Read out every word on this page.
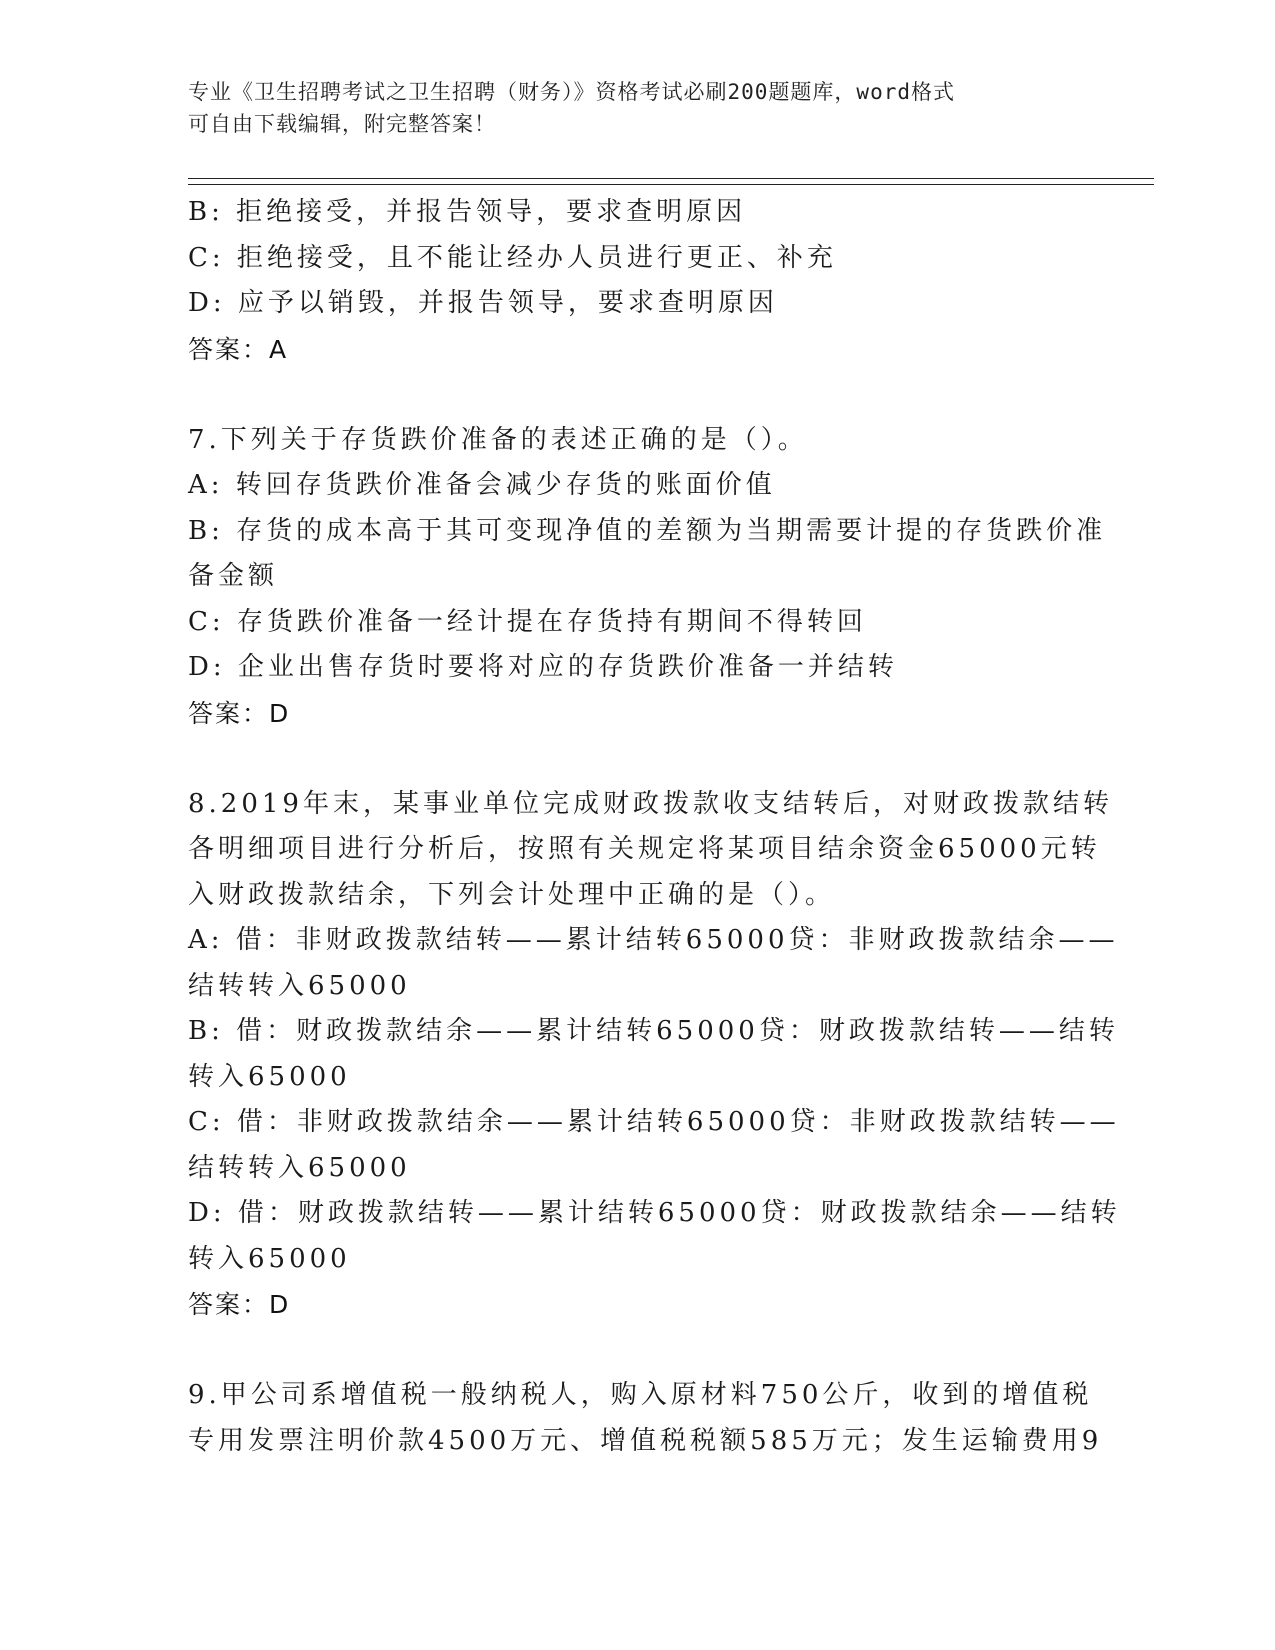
专业《卫生招聘考试之卫生招聘（财务）》资格考试必刷200题题库，word格式
可自由下载编辑，附完整答案！
B: 拒绝接受，并报告领导，要求查明原因
C: 拒绝接受，且不能让经办人员进行更正、补充
D: 应予以销毁，并报告领导，要求查明原因
答案：A
7.下列关于存货跌价准备的表述正确的是（）。
A: 转回存货跌价准备会减少存货的账面价值
B: 存货的成本高于其可变现净值的差额为当期需要计提的存货跌价准
备金额
C: 存货跌价准备一经计提在存货持有期间不得转回
D: 企业出售存货时要将对应的存货跌价准备一并结转
答案：D
8.2019年末，某事业单位完成财政拨款收支结转后，对财政拨款结转
各明细项目进行分析后，按照有关规定将某项目结余资金65000元转
入财政拨款结余，下列会计处理中正确的是（）。
A: 借：非财政拨款结转——累计结转65000贷：非财政拨款结余——
结转转入65000
B: 借：财政拨款结余——累计结转65000贷：财政拨款结转——结转
转入65000
C: 借：非财政拨款结余——累计结转65000贷：非财政拨款结转——
结转转入65000
D: 借：财政拨款结转——累计结转65000贷：财政拨款结余——结转
转入65000
答案：D
9.甲公司系增值税一般纳税人，购入原材料750公斤，收到的增值税
专用发票注明价款4500万元、增值税税额585万元；发生运输费用9
